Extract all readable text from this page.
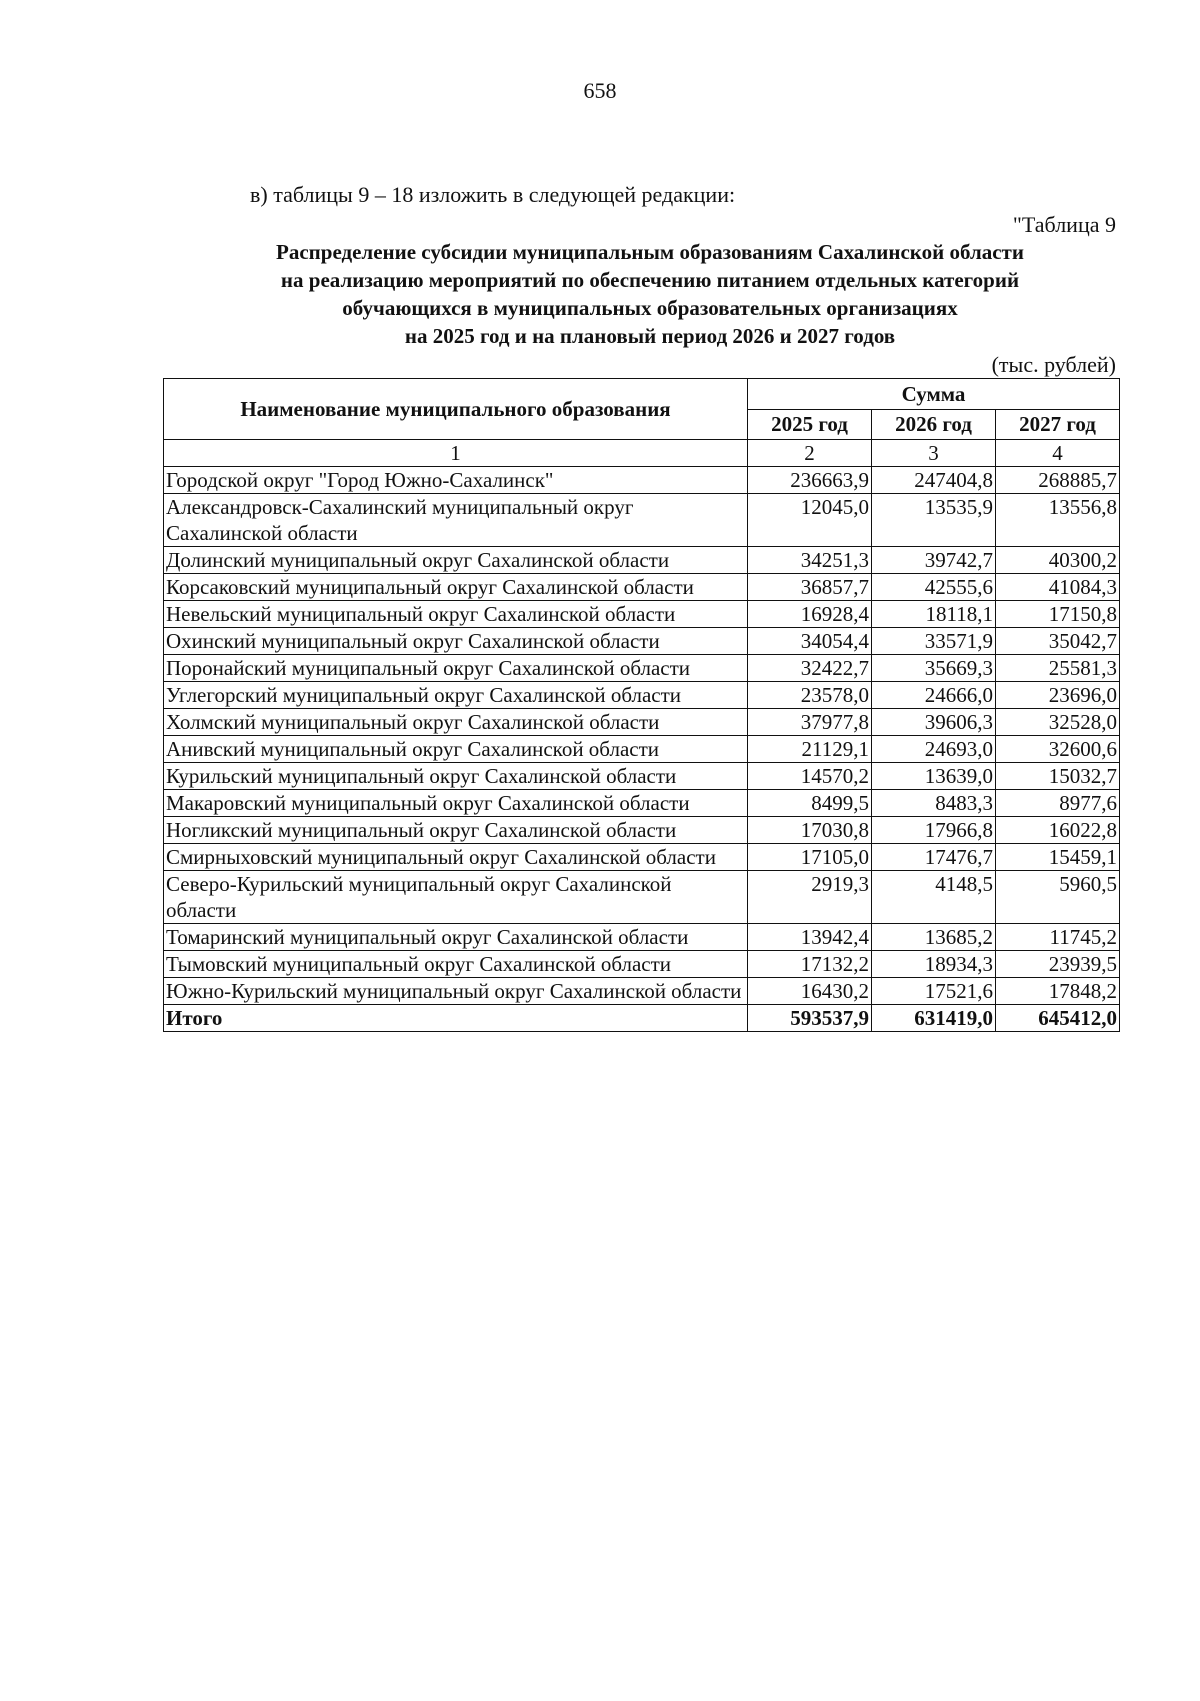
658
в) таблицы 9 – 18 изложить в следующей редакции:
"Таблица 9
Распределение субсидии муниципальным образованиям Сахалинской области
на реализацию мероприятий по обеспечению питанием отдельных категорий
обучающихся в муниципальных образовательных организациях
на 2025 год и на плановый период 2026 и 2027 годов
(тыс. рублей)
Наименование муниципального образования	Сумма		
	2025 год	2026 год	2027 год
1	2	3	4
Городской округ "Город Южно-Сахалинск"	236663,9	247404,8	268885,7
Александровск-Сахалинский муниципальный округ Сахалинской области	12045,0	13535,9	13556,8
Долинский муниципальный округ Сахалинской области	34251,3	39742,7	40300,2
Корсаковский муниципальный округ Сахалинской области	36857,7	42555,6	41084,3
Невельский муниципальный округ Сахалинской области	16928,4	18118,1	17150,8
Охинский муниципальный округ Сахалинской области	34054,4	33571,9	35042,7
Поронайский муниципальный округ Сахалинской области	32422,7	35669,3	25581,3
Углегорский муниципальный округ Сахалинской области	23578,0	24666,0	23696,0
Холмский муниципальный округ Сахалинской области	37977,8	39606,3	32528,0
Анивский муниципальный округ Сахалинской области	21129,1	24693,0	32600,6
Курильский муниципальный округ Сахалинской области	14570,2	13639,0	15032,7
Макаровский муниципальный округ Сахалинской области	8499,5	8483,3	8977,6
Ногликский муниципальный округ Сахалинской области	17030,8	17966,8	16022,8
Смирныховский муниципальный округ Сахалинской области	17105,0	17476,7	15459,1
Северо-Курильский муниципальный округ Сахалинской области	2919,3	4148,5	5960,5
Томаринский муниципальный округ Сахалинской области	13942,4	13685,2	11745,2
Тымовский муниципальный округ Сахалинской области	17132,2	18934,3	23939,5
Южно-Курильский муниципальный округ Сахалинской области	16430,2	17521,6	17848,2
Итого	593537,9	631419,0	645412,0
